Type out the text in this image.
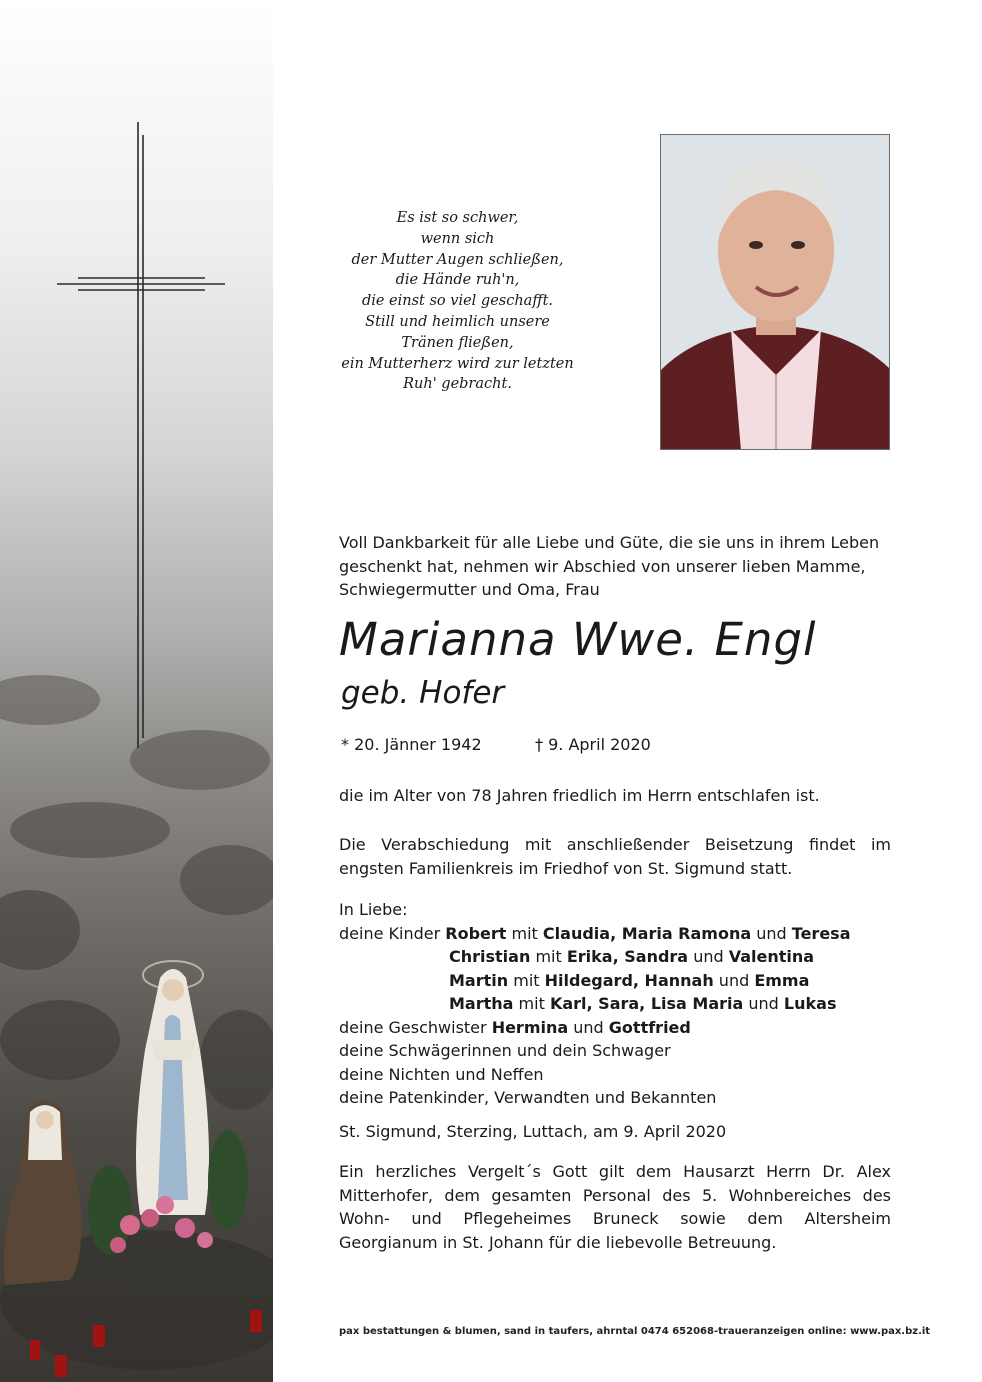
Es ist so schwer,
wenn sich
der Mutter Augen schließen,
die Hände ruh'n,
die einst so viel geschafft.
Still und heimlich unsere
Tränen fließen,
ein Mutterherz wird zur letzten
Ruh' gebracht.
Voll Dankbarkeit für alle Liebe und Güte, die sie uns in ihrem Leben
geschenkt hat, nehmen wir Abschied von unserer lieben Mamme,
Schwiegermutter und Oma, Frau
Marianna Wwe. Engl
geb. Hofer
* 20. Jänner 1942	† 9. April 2020
die im Alter von 78 Jahren friedlich im Herrn entschlafen ist.
Die Verabschiedung mit anschließender Beisetzung findet im engsten Familienkreis im Friedhof von St. Sigmund statt.
In Liebe:
deine Kinder Robert mit Claudia, Maria Ramona und Teresa
Christian mit Erika, Sandra und Valentina
Martin mit Hildegard, Hannah und Emma
Martha mit Karl, Sara, Lisa Maria und Lukas
deine Geschwister Hermina und Gottfried
deine Schwägerinnen und dein Schwager
deine Nichten und Neffen
deine Patenkinder, Verwandten und Bekannten
St. Sigmund, Sterzing, Luttach, am 9. April 2020
Ein herzliches Vergelt´s Gott gilt dem Hausarzt Herrn Dr. Alex Mitterhofer, dem gesamten Personal des 5. Wohnbereiches des Wohn- und Pflegeheimes Bruneck sowie dem Altersheim Georgianum in St. Johann für die liebevolle Betreuung.
pax bestattungen & blumen, sand in taufers, ahrntal 0474 652068-traueranzeigen online: www.pax.bz.it
